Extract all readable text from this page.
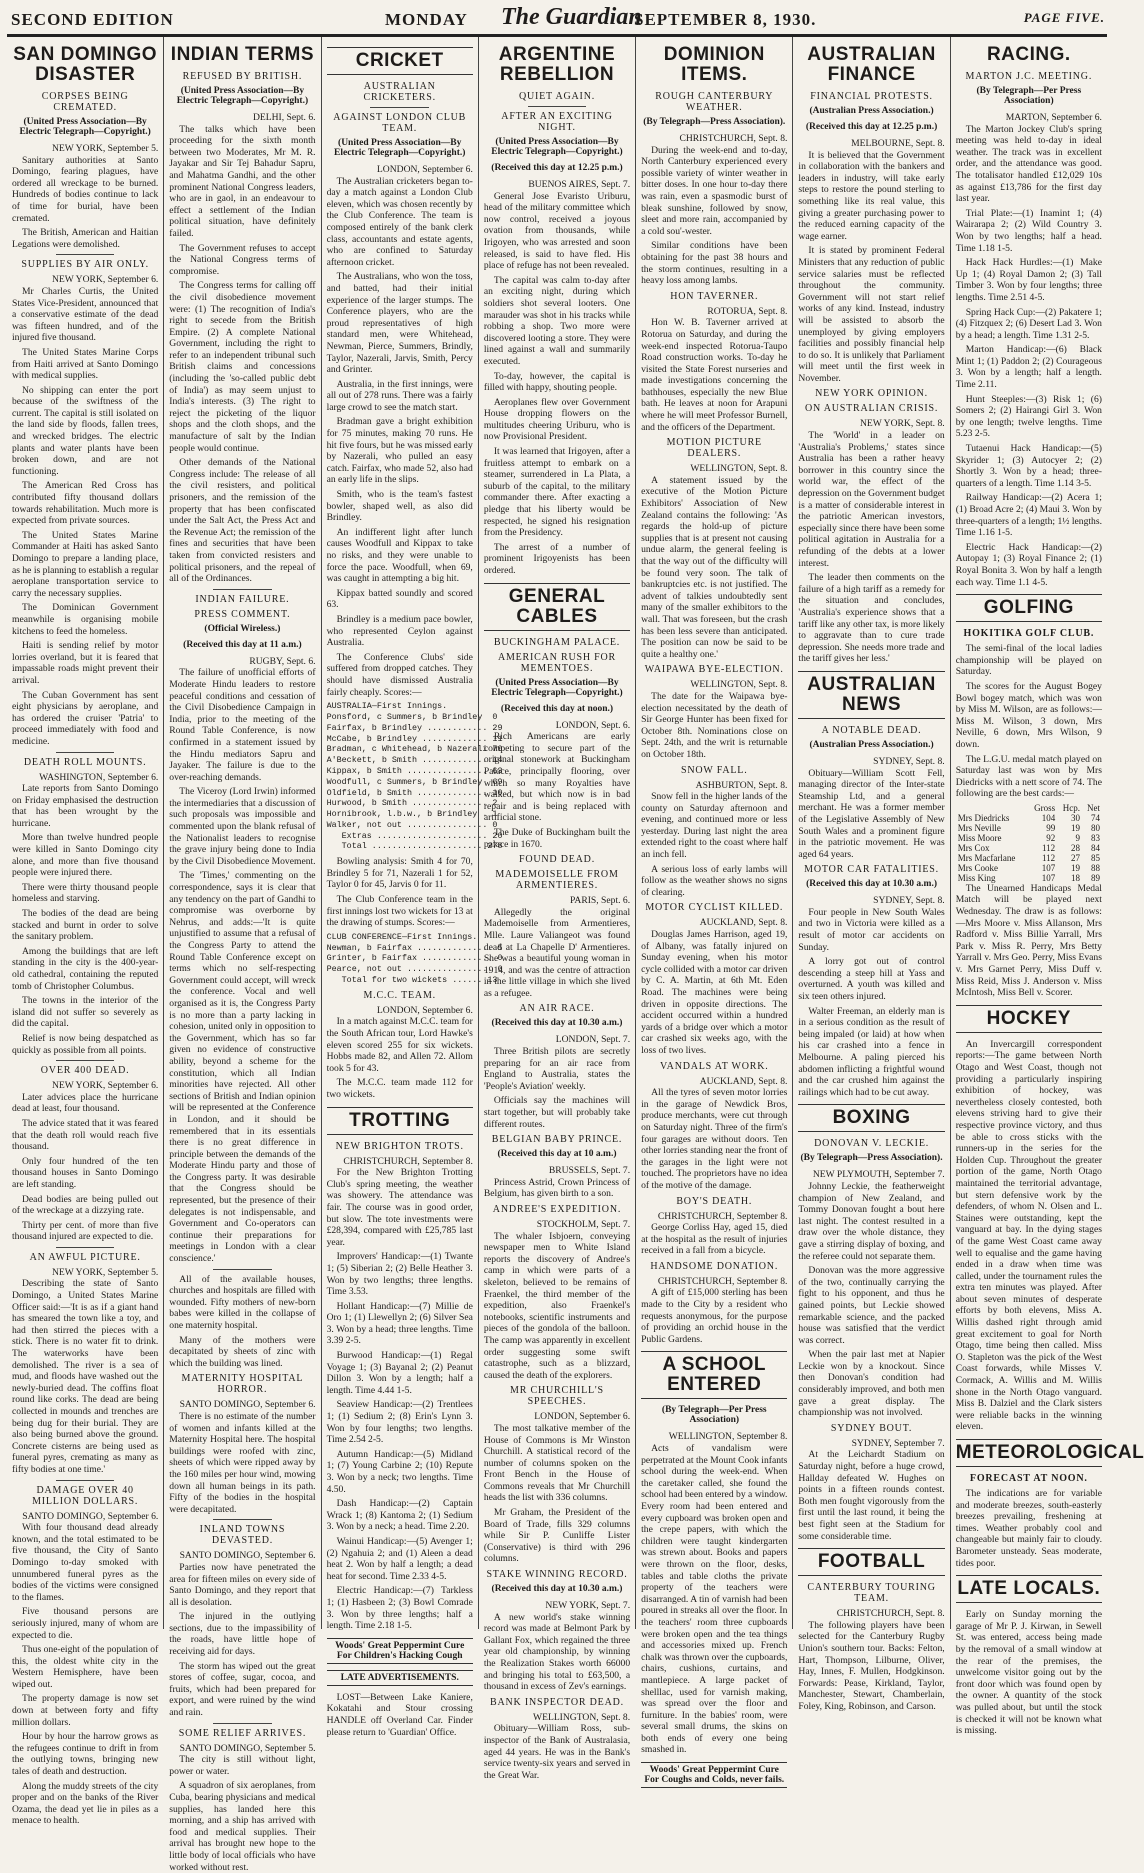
SECOND EDITION	MONDAY The Guardian
SEPTEMBER 8, 1930.	PAGE FIVE.
SAN DOMINGO DISASTER
CORPSES BEING CREMATED.
(United Press Association—By Electric Telegraph—Copyright.)
NEW YORK, September 5.

Sanitary authorities at Santo Domingo, fearing plagues, have ordered all wreckage to be burned. Hundreds of bodies continue to lack of time for burial, have been cremated.

The British, American and Haitian Legations were demolished.

SUPPLIES BY AIR ONLY.
NEW YORK, September 6.

Mr Charles Curtis, the United States Vice-President, announced that a conservative estimate of the dead was fifteen hundred, and of the injured five thousand.

The United States Marine Corps from Haiti arrived at Santo Domingo with medical supplies.

No shipping can enter the port because of the swiftness of the current. The capital is still isolated on the land side by floods, fallen trees, and wrecked bridges. The electric plants and water plants have been broken down, and are not functioning.

The American Red Cross has contributed fifty thousand dollars towards rehabilitation. Much more is expected from private sources.

The United States Marine Commander at Haiti has asked Santo Domingo to prepare a landing place, as he is planning to establish a regular aeroplane transportation service to carry the necessary supplies.

The Dominican Government meanwhile is organising mobile kitchens to feed the homeless.

Haiti is sending relief by motor lorries overland, but it is feared that impassable roads might prevent their arrival.

The Cuban Government has sent eight physicians by aeroplane, and has ordered the cruiser 'Patria' to proceed immediately with food and medicine.

DEATH ROLL MOUNTS.
WASHINGTON, September 6.

Late reports from Santo Domingo on Friday emphasised the destruction that has been wrought by the hurricane.

More than twelve hundred people were killed in Santo Domingo city alone, and more than five thousand people were injured there.

There were thirty thousand people homeless and starving.

The bodies of the dead are being stacked and burnt in order to solve the sanitary problem.

Among the buildings that are left standing in the city is the 400-year-old cathedral, containing the reputed tomb of Christopher Columbus.

The towns in the interior of the island did not suffer so severely as did the capital.

Relief is now being despatched as quickly as possible from all points.

OVER 400 DEAD.
NEW YORK, September 6.

Later advices place the hurricane dead at least, four thousand.

The advice stated that it was feared that the death roll would reach five thousand.

Only four hundred of the ten thousand houses in Santo Domingo are left standing.

Dead bodies are being pulled out of the wreckage at a dizzying rate.

Thirty per cent. of more than five thousand injured are expected to die.

AN AWFUL PICTURE.
NEW YORK, September 5.

Describing the state of Santo Domingo, a United States Marine Officer said:—'It is as if a giant hand has smeared the town like a toy, and had then stirred the pieces with a stick. There is no water fit to drink. The waterworks have been demolished. The river is a sea of mud, and floods have washed out the newly-buried dead. The coffins float round like corks. The dead are being collected in mounds and trenches are being dug for their burial. They are also being burned above the ground. Concrete cisterns are being used as funeral pyres, cremating as many as fifty bodies at one time.'

DAMAGE OVER 40 MILLION DOLLARS.
SANTO DOMINGO, September 6.

With four thousand dead already known, and the total estimated to be five thousand, the City of Santo Domingo to-day smoked with unnumbered funeral pyres as the bodies of the victims were consigned to the flames.

Five thousand persons are seriously injured, many of whom are expected to die.

Thus one-eight of the population of this, the oldest white city in the Western Hemisphere, have been wiped out.

The property damage is now set down at between forty and fifty million dollars.

Hour by hour the harrow grows as the refugees continue to drift in from the outlying towns, bringing new tales of death and destruction.

Along the muddy streets of the city proper and on the banks of the River Ozama, the dead yet lie in piles as a menace to health.

INDIAN TERMS
REFUSED BY BRITISH.
(United Press Association—By Electric Telegraph—Copyright.)
DELHI, Sept. 6.

The talks which have been proceeding for the sixth month between two Moderates, Mr M. R. Jayakar and Sir Tej Bahadur Sapru, and Mahatma Gandhi, and the other prominent National Congress leaders, who are in gaol, in an endeavour to effect a settlement of the Indian political situation, have definitely failed.

The Government refuses to accept the National Congress terms of compromise.

The Congress terms for calling off the civil disobedience movement were: (1) The recognition of India's right to secede from the British Empire. (2) A complete National Government, including the right to refer to an independent tribunal such British claims and concessions (including the 'so-called public debt of India') as may seem unjust to India's interests. (3) The right to reject the picketing of the liquor shops and the cloth shops, and the manufacture of salt by the Indian people would continue.

Other demands of the National Congress include: The release of all the civil resisters, and political prisoners, and the remission of the property that has been confiscated under the Salt Act, the Press Act and the Revenue Act; the remission of the fines and securities that have been taken from convicted resisters and political prisoners, and the repeal of all of the Ordinances.

INDIAN FAILURE.
PRESS COMMENT.
(Official Wireless.)
(Received this day at 11 a.m.)
RUGBY, Sept. 6.

The failure of unofficial efforts of Moderate Hindu leaders to restore peaceful conditions and cessation of the Civil Disobedience Campaign in India, prior to the meeting of the Round Table Conference, is now confirmed in a statement issued by the Hindu mediators Sapru and Jayaker. The failure is due to the over-reaching demands.

The Viceroy (Lord Irwin) informed the intermediaries that a discussion of such proposals was impossible and commented upon the blank refusal of the Nationalist leaders to recognise the grave injury being done to India by the Civil Disobedience Movement.

The 'Times,' commenting on the correspondence, says it is clear that any tendency on the part of Gandhi to compromise was overborne by Nehrus, and adds:—'It is quite unjustified to assume that a refusal of the Congress Party to attend the Round Table Conference except on terms which no self-respecting Government could accept, will wreck the conference. Vocal and well organised as it is, the Congress Party is no more than a party lacking in cohesion, united only in opposition to the Government, which has so far given no evidence of constructive ability, beyond a scheme for the constitution, which all Indian minorities have rejected. All other sections of British and Indian opinion will be represented at the Conference in London, and it should be remembered that in its essentials there is no great difference in principle between the demands of the Moderate Hindu party and those of the Congress party. It was desirable that the Congress should be represented, but the presence of their delegates is not indispensable, and Government and Co-operators can continue their preparations for meetings in London with a clear conscience.'

All of the available houses, churches and hospitals are filled with wounded. Fifty mothers of new-born babes were killed in the collapse of one maternity hospital.

Many of the mothers were decapitated by sheets of zinc with which the building was lined.

MATERNITY HOSPITAL HORROR.
SANTO DOMINGO, September 6.

There is no estimate of the number of women and infants killed at the Maternity Hospital here. The hospital buildings were roofed with zinc, sheets of which were ripped away by the 160 miles per hour wind, mowing down all human beings in its path. Fifty of the bodies in the hospital were decapitated.

INLAND TOWNS DEVASTED.
SANTO DOMINGO, September 6.

Parties now have penetrated the area for fifteen miles on every side of Santo Domingo, and they report that all is desolation.

The injured in the outlying sections, due to the impassibility of the roads, have little hope of receiving aid for days.

The storm has wiped out the great stores of coffee, sugar, cocoa, and fruits, which had been prepared for export, and were ruined by the wind and rain.

SOME RELIEF ARRIVES.
SANTO DOMINGO, September 5.

The city is still without light, power or water.

A squadron of six aeroplanes, from Cuba, bearing physicians and medical supplies, has landed here this morning, and a ship has arrived with food and medical supplies. Their arrival has brought new hope to the little body of local officials who have worked without rest.

CRICKET
AUSTRALIAN CRICKETERS.
AGAINST LONDON CLUB TEAM.
(United Press Association—By Electric Telegraph—Copyright.)
LONDON, September 6.

The Australian cricketers began to-day a match against a London Club eleven, which was chosen recently by the Club Conference. The team is composed entirely of the bank clerk class, accountants and estate agents, who are confined to Saturday afternoon cricket.

The Australians, who won the toss, and batted, had their initial experience of the larger stumps. The Conference players, who are the proud representatives of high standard men, were Whitehead, Newman, Pierce, Summers, Brindly, Taylor, Nazerali, Jarvis, Smith, Percy and Grinter.

Australia, in the first innings, were all out of 278 runs. There was a fairly large crowd to see the match start.

Bradman gave a bright exhibition for 75 minutes, making 70 runs. He hit five fours, but he was missed early by Nazerali, who pulled an easy catch. Fairfax, who made 52, also had an early life in the slips.

Smith, who is the team's fastest bowler, shaped well, as also did Brindley.

An indifferent light after lunch causes Woodfull and Kippax to take no risks, and they were unable to force the pace. Woodfull, when 69, was caught in attempting a big hit.

Kippax batted soundly and scored 63.

Brindley is a medium pace bowler, who represented Ceylon against Australia.

The Conference Clubs' side suffered from dropped catches. They should have dismissed Australia fairly cheaply. Scores:—

AUSTRALIA—First Innings.
Ponsford, c Summers, b Brindley  0
Fairfax, b Brindley ............ 29
McCabe, b Brindley ............. 11
Bradman, c Whitehead, b Nazerali 70
A'Beckett, b Smith ............. 14
Kippax, b Smith ................ 63
Woodfull, c Summers, b Brindley  69
Oldfield, b Smith .............. 10
Hurwood, b Smith ............... 2
Hornibrook, l.b.w., b Brindley . 1
Walker, not out ................ 0
Extras ...................... 20
Total ...................... 278

Bowling analysis: Smith 4 for 70, Brindley 5 for 71, Nazerali 1 for 52, Taylor 0 for 45, Jarvis 0 for 11.

The Club Conference team in the first innings lost two wickets for 13 at the drawing of stumps. Scores:—

CLUB CONFERENCE—First Innings.
Newman, b Fairfax ............... 5
Grinter, b Fairfax .............. 0
Pearce, not out ................. 6
Total for two wickets ...... 13
M.C.C. TEAM.
LONDON, September 6.

In a match against M.C.C. team for the South African tour, Lord Hawke's eleven scored 255 for six wickets. Hobbs made 82, and Allen 72. Allom took 5 for 43.

The M.C.C. team made 112 for two wickets.

TROTTING
NEW BRIGHTON TROTS.
CHRISTCHURCH, September 8.

For the New Brighton Trotting Club's spring meeting, the weather was showery. The attendance was fair. The course was in good order, but slow. The tote investments were £28,394, compared with £25,785 last year.

Improvers' Handicap:—(1) Twante 1; (5) Siberian 2; (2) Belle Heather 3. Won by two lengths; three lengths. Time 3.53.

Hollant Handicap:—(7) Millie de Oro 1; (1) Llewellyn 2; (6) Silver Sea 3. Won by a head; three lengths. Time 3.39 2-5.

Burwood Handicap:—(1) Regal Voyage 1; (3) Bayanal 2; (2) Peanut Dillon 3. Won by a length; half a length. Time 4.44 1-5.

Seaview Handicap:—(2) Trentlees 1; (1) Sedium 2; (8) Erin's Lynn 3. Won by four lengths; two lengths. Time 2.54 2-5.

Autumn Handicap:—(5) Midland 1; (7) Young Carbine 2; (10) Repute 3. Won by a neck; two lengths. Time 4.50.

Dash Handicap:—(2) Captain Wrack 1; (8) Kantoma 2; (1) Sedium 3. Won by a neck; a head. Time 2.20.

Wainui Handicap:—(5) Avenger 1; (2) Ngahuia 2; and (1) Aleen a dead heat 2. Won by half a length; a dead heat for second. Time 2.33 4-5.

Electric Handicap:—(7) Tarkless 1; (1) Hasbeen 2; (3) Bowl Comrade 3. Won by three lengths; half a length. Time 2.18 1-5.

Woods' Great Peppermint Cure For Children's Hacking Cough
LATE ADVERTISEMENTS.

LOST—Between Lake Kaniere, Kokatahi and Stour crossing HANDLE off Overland Car. Finder please return to 'Guardian' Office.

ARGENTINE REBELLION
QUIET AGAIN.
AFTER AN EXCITING NIGHT.
(United Press Association—By Electric Telegraph—Copyright.)
(Received this day at 12.25 p.m.)
BUENOS AIRES, Sept. 7.

General Jose Evaristo Uriburu, head of the military committee which now control, received a joyous ovation from thousands, while Irigoyen, who was arrested and soon released, is said to have fled. His place of refuge has not been revealed.

The capital was calm to-day after an exciting night, during which soldiers shot several looters. One marauder was shot in his tracks while robbing a shop. Two more were discovered looting a store. They were lined against a wall and summarily executed.

To-day, however, the capital is filled with happy, shouting people.

Aeroplanes flew over Government House dropping flowers on the multitudes cheering Uriburu, who is now Provisional President.

It was learned that Irigoyen, after a fruitless attempt to embark on a steamer, surrendered in La Plata, a suburb of the capital, to the military commander there. After exacting a pledge that his liberty would be respected, he signed his resignation from the Presidency.

The arrest of a number of prominent Irigoyenists has been ordered.

GENERAL CABLES
BUCKINGHAM PALACE.
AMERICAN RUSH FOR MEMENTOES.
(United Press Association—By Electric Telegraph—Copyright.)
(Received this day at noon.)
LONDON, Sept. 6.

Rich Americans are early competing to secure part of the original stonework at Buckingham Palace, principally flooring, over which so many Royalties have walked, but which now is in bad repair and is being replaced with artificial stone.

The Duke of Buckingham built the palace in 1670.

FOUND DEAD.
MADEMOISELLE FROM ARMENTIERES.
PARIS, Sept. 6.

Allegedly the original Mademoiselle from Armentieres, Mlle. Laure Valiangeot was found dead at La Chapelle D' Armentieres. She was a beautiful young woman in 1914, and was the centre of attraction in the little village in which she lived as a refugee.

AN AIR RACE.
(Received this day at 10.30 a.m.)
LONDON, Sept. 7.

Three British pilots are secretly preparing for an air race from England to Australia, states the 'People's Aviation' weekly.

Officials say the machines will start together, but will probably take different routes.

BELGIAN BABY PRINCE.
(Received this day at 10 a.m.)
BRUSSELS, Sept. 7.

Princess Astrid, Crown Princess of Belgium, has given birth to a son.

ANDREE'S EXPEDITION.
STOCKHOLM, Sept. 7.

The whaler Isbjoern, conveying newspaper men to White Island reports the discovery of Andree's camp in which were parts of a skeleton, believed to be remains of Fraenkel, the third member of the expedition, also Fraenkel's notebooks, scientific instruments and pieces of the gondola of the balloon. The camp was apparently in excellent order suggesting some swift catastrophe, such as a blizzard, caused the death of the explorers.

MR CHURCHILL'S SPEECHES.
LONDON, September 6.

The most talkative member of the House of Commons is Mr Winston Churchill. A statistical record of the number of columns spoken on the Front Bench in the House of Commons reveals that Mr Churchill heads the list with 336 columns.

Mr Graham, the President of the Board of Trade, fills 329 columns while Sir P. Cunliffe Lister (Conservative) is third with 296 columns.

STAKE WINNING RECORD.
(Received this day at 10.30 a.m.)
NEW YORK, Sept. 7.

A new world's stake winning record was made at Belmont Park by Gallant Fox, which regained the three year old championship, by winning the Realization Stakes worth 66000 and bringing his total to £63,500, a thousand in excess of Zev's earnings.

BANK INSPECTOR DEAD.
WELLINGTON, Sept. 8.

Obituary—William Ross, sub-inspector of the Bank of Australasia, aged 44 years. He was in the Bank's service twenty-six years and served in the Great War.

DOMINION ITEMS.
ROUGH CANTERBURY WEATHER.
(By Telegraph—Press Association).
CHRISTCHURCH, Sept. 8.

During the week-end and to-day, North Canterbury experienced every possible variety of winter weather in bitter doses. In one hour to-day there was rain, even a spasmodic burst of bleak sunshine, followed by snow, sleet and more rain, accompanied by a cold sou'-wester.

Similar conditions have been obtaining for the past 38 hours and the storm continues, resulting in a heavy loss among lambs.

HON TAVERNER.
ROTORUA, Sept. 8.

Hon W. B. Taverner arrived at Rotorua on Saturday, and during the week-end inspected Rotorua-Taupo Road construction works. To-day he visited the State Forest nurseries and made investigations concerning the bathhouses, especially the new Blue bath. He leaves at noon for Arapuni where he will meet Professor Burnell, and the officers of the Department.

MOTION PICTURE DEALERS.
WELLINGTON, Sept. 8.

A statement issued by the executive of the Motion Picture Exhibitors' Association of New Zealand contains the following: 'As regards the hold-up of picture supplies that is at present not causing undue alarm, the general feeling is that the way out of the difficulty will be found very soon. The talk of bankruptcies etc. is not justified. The advent of talkies undoubtedly sent many of the smaller exhibitors to the wall. That was foreseen, but the crash has been less severe than anticipated. The position can now be said to be quite a healthy one.'

WAIPAWA BYE-ELECTION.
WELLINGTON, Sept. 8.

The date for the Waipawa bye-election necessitated by the death of Sir George Hunter has been fixed for October 8th. Nominations close on Sept. 24th, and the writ is returnable on October 18th.

SNOW FALL.
ASHBURTON, Sept. 8.

Snow fell in the higher lands of the county on Saturday afternoon and evening, and continued more or less yesterday. During last night the area extended right to the coast where half an inch fell.

A serious loss of early lambs will follow as the weather shows no signs of clearing.

MOTOR CYCLIST KILLED.
AUCKLAND, Sept. 8.

Douglas James Harrison, aged 19, of Albany, was fatally injured on Sunday evening, when his motor cycle collided with a motor car driven by C. A. Martin, at 6th Mt. Eden Road. The machines were being driven in opposite directions. The accident occurred within a hundred yards of a bridge over which a motor car crashed six weeks ago, with the loss of two lives.

VANDALS AT WORK.
AUCKLAND, Sept. 8.

All the tyres of seven motor lorries in the garage of Newdick Bros, produce merchants, were cut through on Saturday night. Three of the firm's four garages are without doors. Ten other lorries standing near the front of the garages in the light were not touched. The proprietors have no idea of the motive of the damage.

BOY'S DEATH.
CHRISTCHURCH, September 8.

George Corliss Hay, aged 15, died at the hospital as the result of injuries received in a fall from a bicycle.

HANDSOME DONATION.
CHRISTCHURCH, September 8.

A gift of £15,000 sterling has been made to the City by a resident who requests anonymous, for the purpose of providing an orchid house in the Public Gardens.

A SCHOOL ENTERED
(By Telegraph—Per Press Association)
WELLINGTON, September 8.

Acts of vandalism were perpetrated at the Mount Cook infants school during the week-end. When the caretaker called, she found the school had been entered by a window. Every room had been entered and every cupboard was broken open and the crepe papers, with which the children were taught kindergarten was strewn about. Books and papers were thrown on the floor, desks, tables and table cloths the private property of the teachers were disarranged. A tin of varnish had been poured in streaks all over the floor. In the teachers' room three cupboards were broken open and the tea things and accessories mixed up. French chalk was thrown over the cupboards, chairs, cushions, curtains, and mantlepiece. A large packet of shelllac, used for varnish making, was spread over the floor and furniture. In the babies' room, were several small drums, the skins on both ends of every one being smashed in.

Woods' Great Peppermint Cure For Coughs and Colds, never fails.
AUSTRALIAN FINANCE
FINANCIAL PROTESTS.
(Australian Press Association.)
(Received this day at 12.25 p.m.)
MELBOURNE, Sept. 8.

It is believed that the Government in collaboration with the bankers and leaders in industry, will take early steps to restore the pound sterling to something like its real value, this giving a greater purchasing power to the reduced earning capacity of the wage earner.

It is stated by prominent Federal Ministers that any reduction of public service salaries must be reflected throughout the community. Government will not start relief works of any kind. Instead, industry will be assisted to absorb the unemployed by giving employers facilities and possibly financial help to do so. It is unlikely that Parliament will meet until the first week in November.

NEW YORK OPINION.
ON AUSTRALIAN CRISIS.
NEW YORK, Sept. 8.

The 'World' in a leader on 'Australia's Problems,' states since Australia has been a rather heavy borrower in this country since the world war, the effect of the depression on the Government budget is a matter of considerable interest in the patriotic American investors, especially since there have been some political agitation in Australia for a refunding of the debts at a lower interest.

The leader then comments on the failure of a high tariff as a remedy for the situation and concludes, 'Australia's experience shows that a tariff like any other tax, is more likely to aggravate than to cure trade depression. She needs more trade and the tariff gives her less.'

AUSTRALIAN NEWS
A NOTABLE DEAD.
(Australian Press Association.)
SYDNEY, Sept. 8.

Obituary—William Scott Fell, managing director of the Inter-state Steamship Ltd, and a general merchant. He was a former member of the Legislative Assembly of New South Wales and a prominent figure in the patriotic movement. He was aged 64 years.

MOTOR CAR FATALITIES.
(Received this day at 10.30 a.m.)
SYDNEY, Sept. 8.

Four people in New South Wales and two in Victoria were killed as a result of motor car accidents on Sunday.

A lorry got out of control descending a steep hill at Yass and overturned. A youth was killed and six teen others injured.

Walter Freeman, an elderly man is in a serious condition as the result of being impaled (or laid) at how when his car crashed into a fence in Melbourne. A paling pierced his abdomen inflicting a frightful wound and the car crushed him against the railings which had to be cut away.

BOXING
DONOVAN V. LECKIE.
(By Telegraph—Press Association).
NEW PLYMOUTH, September 7.

Johnny Leckie, the featherweight champion of New Zealand, and Tommy Donovan fought a bout here last night. The contest resulted in a draw over the whole distance, they gave a stirring display of boxing, and the referee could not separate them.

Donovan was the more aggressive of the two, continually carrying the fight to his opponent, and thus he gained points, but Leckie showed remarkable science, and the packed house was satisfied that the verdict was correct.

When the pair last met at Napier Leckie won by a knockout. Since then Donovan's condition had considerably improved, and both men gave a great display. The championship was not involved.

SYDNEY BOUT.
SYDNEY, September 7.

At the Leichardt Stadium on Saturday night, before a huge crowd, Hallday defeated W. Hughes on points in a fifteen rounds contest. Both men fought vigorously from the first until the last round, it being the best fight seen at the Stadium for some considerable time.

FOOTBALL
CANTERBURY TOURING TEAM.
CHRISTCHURCH, Sept. 8.

The following players have been selected for the Canterbury Rugby Union's southern tour. Backs: Felton, Hart, Thompson, Lilburne, Oliver, Hay, Innes, F. Mullen, Hodgkinson. Forwards: Pease, Kirkland, Taylor, Manchester, Stewart, Chamberlain, Foley, King, Robinson, and Carson.

RACING.
MARTON J.C. MEETING.
(By Telegraph—Per Press Association)
MARTON, September 6.

The Marton Jockey Club's spring meeting was held to-day in ideal weather. The track was in excellent order, and the attendance was good. The totalisator handled £12,029 10s as against £13,786 for the first day last year.

Trial Plate:—(1) Inamint 1; (4) Wairarapa 2; (2) Wild Country 3. Won by two lengths; half a head. Time 1.18 1-5.

Hack Hack Hurdles:—(1) Make Up 1; (4) Royal Damon 2; (3) Tall Timber 3. Won by four lengths; three lengths. Time 2.51 4-5.

Spring Hack Cup:—(2) Pakatere 1; (4) Fitzquex 2; (6) Desert Lad 3. Won by a head; a length. Time 1.31 2-5.

Marton Handicap:—(6) Black Mint 1; (1) Paddon 2; (2) Courageous 3. Won by a length; half a length. Time 2.11.

Hunt Steeples:—(3) Risk 1; (6) Somers 2; (2) Hairangi Girl 3. Won by one length; twelve lengths. Time 5.23 2-5.

Tutaenui Hack Handicap:—(5) Skyrider 1; (3) Autocyer 2; (2) Shortly 3. Won by a head; three-quarters of a length. Time 1.14 3-5.

Railway Handicap:—(2) Acera 1; (1) Broad Acre 2; (4) Maui 3. Won by three-quarters of a length; 1½ lengths. Time 1.16 1-5.

Electric Hack Handicap:—(2) Autopay 1; (3) Royal Finance 2; (1) Royal Bonita 3. Won by half a length each way. Time 1.1 4-5.

GOLFING
HOKITIKA GOLF CLUB.

The semi-final of the local ladies championship will be played on Saturday.

The scores for the August Bogey Bowl bogey match, which was won by Miss M. Wilson, are as follows:—Miss M. Wilson, 3 down, Mrs Neville, 6 down, Mrs Wilson, 9 down.

The L.G.U. medal match played on Saturday last was won by Mrs Diedricks with a nett score of 74. The following are the best cards:—

	Gross	Hcp.	Net
Mrs Diedricks	104	30	74
Mrs Neville	99	19	80
Miss Moore	92	9	83
Mrs Cox	112	28	84
Mrs Macfarlane	112	27	85
Mrs Cooke	107	19	88
Miss King	107	18	89

The Unearned Handicaps Medal Match will be played next Wednesday. The draw is as follows:—Mrs Moore v. Miss Allanson, Mrs Radford v. Miss Billie Yarrall, Mrs Park v. Miss R. Perry, Mrs Betty Yarrall v. Mrs Geo. Perry, Miss Evans v. Mrs Garnet Perry, Miss Duff v. Miss Reid, Miss J. Anderson v. Miss McIntosh, Miss Bell v. Scorer.

HOCKEY

An Invercargill correspondent reports:—The game between North Otago and West Coast, though not providing a particularly inspiring exhibition of hockey, was nevertheless closely contested, both elevens striving hard to give their respective province victory, and thus be able to cross sticks with the runners-up in the series for the Holden Cup. Throughout the greater portion of the game, North Otago maintained the territorial advantage, but stern defensive work by the defenders, of whom N. Olsen and L. Staines were outstanding, kept the vanguard at bay. In the dying stages of the game West Coast came away well to equalise and the game having ended in a draw when time was called, under the tournament rules the extra ten minutes was played. After about seven minutes of desperate efforts by both elevens, Miss A. Willis dashed right through amid great excitement to goal for North Otago, time being then called. Miss O. Stapleton was the pick of the West Coast forwards, while Misses V. Cormack, A. Willis and M. Willis shone in the North Otago vanguard. Miss B. Dalziel and the Clark sisters were reliable backs in the winning eleven.

METEOROLOGICAL
FORECAST AT NOON.

The indications are for variable and moderate breezes, south-easterly breezes prevailing, freshening at times. Weather probably cool and changeable but mainly fair to cloudy. Barometer unsteady. Seas moderate, tides poor.

LATE LOCALS.

Early on Sunday morning the garage of Mr P. J. Kirwan, in Sewell St. was entered, access being made by the removal of a small window at the rear of the premises, the unwelcome visitor going out by the front door which was found open by the owner. A quantity of the stock was pulled about, but until the stock is checked it will not be known what is missing.
